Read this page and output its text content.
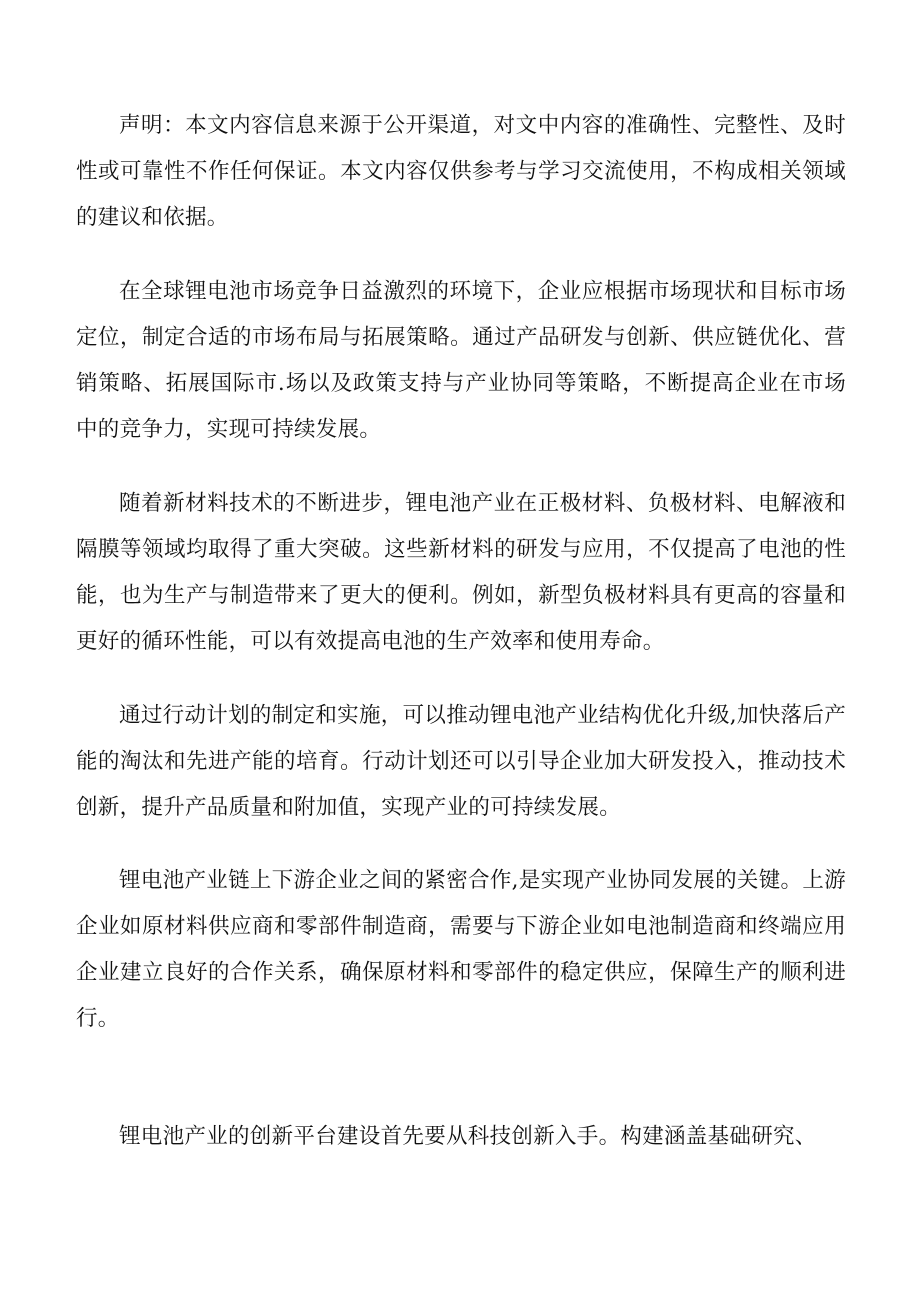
声明：本文内容信息来源于公开渠道，对文中内容的准确性、完整性、及时性或可靠性不作任何保证。本文内容仅供参考与学习交流使用，不构成相关领域的建议和依据。

在全球锂电池市场竞争日益激烈的环境下，企业应根据市场现状和目标市场定位，制定合适的市场布局与拓展策略。通过产品研发与创新、供应链优化、营销策略、拓展国际市.场以及政策支持与产业协同等策略，不断提高企业在市场中的竞争力，实现可持续发展。

随着新材料技术的不断进步，锂电池产业在正极材料、负极材料、电解液和隔膜等领域均取得了重大突破。这些新材料的研发与应用，不仅提高了电池的性能，也为生产与制造带来了更大的便利。例如，新型负极材料具有更高的容量和更好的循环性能，可以有效提高电池的生产效率和使用寿命。

通过行动计划的制定和实施，可以推动锂电池产业结构优化升级,加快落后产能的淘汰和先进产能的培育。行动计划还可以引导企业加大研发投入，推动技术创新，提升产品质量和附加值，实现产业的可持续发展。

锂电池产业链上下游企业之间的紧密合作,是实现产业协同发展的关键。上游企业如原材料供应商和零部件制造商，需要与下游企业如电池制造商和终端应用企业建立良好的合作关系，确保原材料和零部件的稳定供应，保障生产的顺利进行。

锂电池产业的创新平台建设首先要从科技创新入手。构建涵盖基础研究、
